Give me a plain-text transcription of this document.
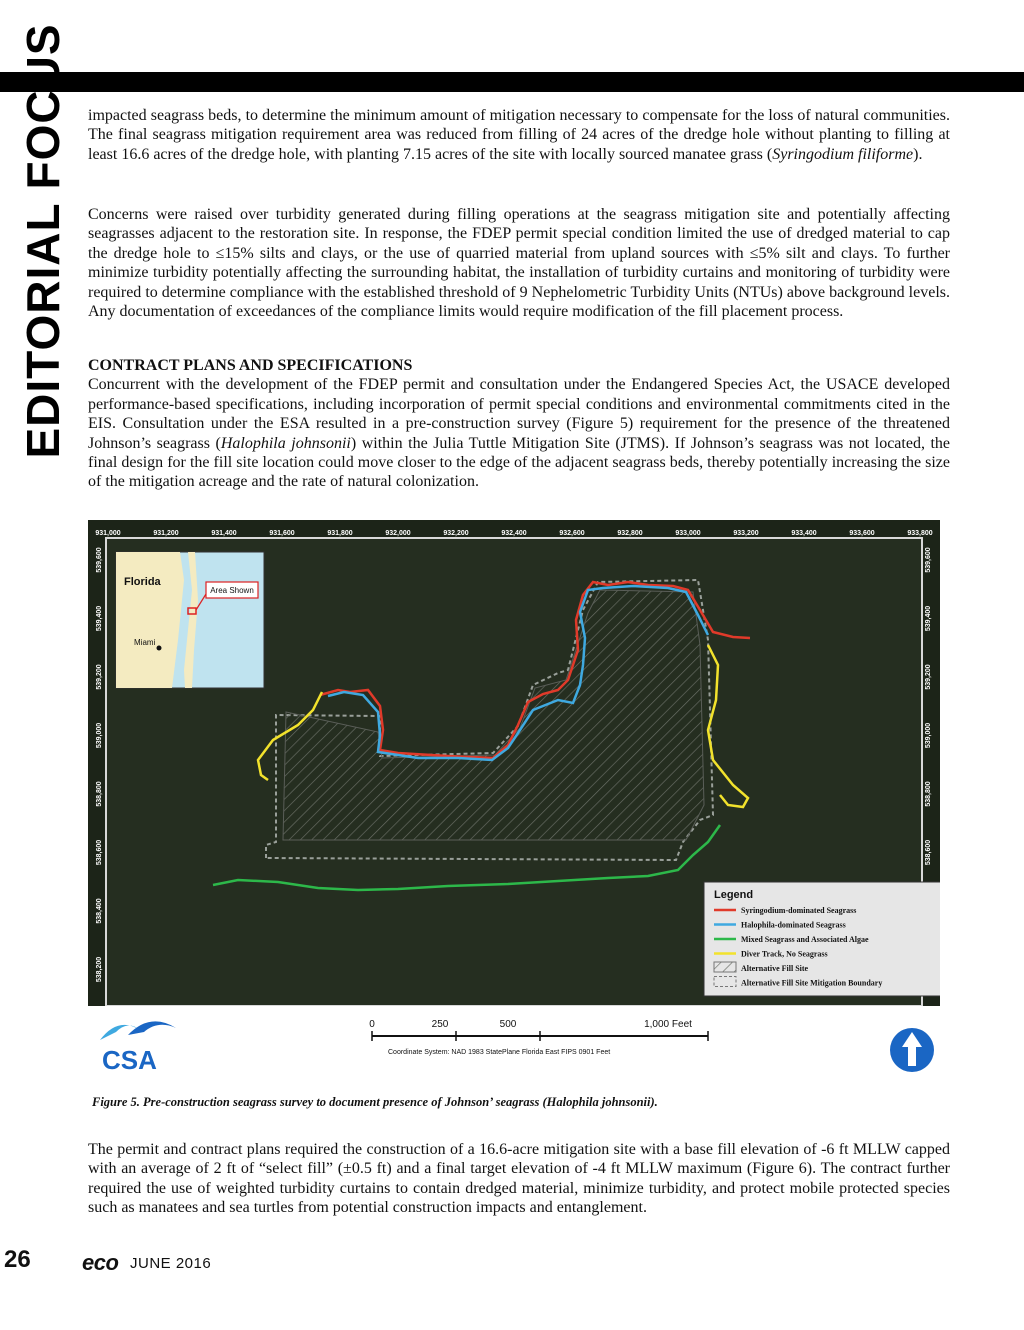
EDITORIAL FOCUS impacted seagrass beds, to determine the minimum amount of mitigation necessary to compensate for the loss of natural communities. The final seagrass mitigation requirement area was reduced from filling of 24 acres of the dredge hole without planting to filling at least 16.6 acres of the dredge hole, with planting 7.15 acres of the site with locally sourced manatee grass (Syringodium filiforme).

Concerns were raised over turbidity generated during filling operations at the seagrass mitigation site and potentially affecting seagrasses adjacent to the restoration site. In response, the FDEP permit special condition limited the use of dredged material to cap the dredge hole to ≤15% silts and clays, or the use of quarried material from upland sources with ≤5% silt and clays. To further minimize turbidity potentially affecting the surrounding habitat, the installation of turbidity curtains and monitoring of turbidity were required to determine compliance with the established threshold of 9 Nephelometric Turbidity Units (NTUs) above background levels. Any documentation of exceedances of the compliance limits would require modification of the fill placement process.

CONTRACT PLANS AND SPECIFICATIONS

Concurrent with the development of the FDEP permit and consultation under the Endangered Species Act, the USACE developed performance-based specifications, including incorporation of permit special conditions and environmental commitments cited in the EIS. Consultation under the ESA resulted in a pre-construction survey (Figure 5) requirement for the presence of the threatened Johnson’s seagrass (Halophila johnsonii) within the Julia Tuttle Mitigation Site (JTMS). If Johnson’s seagrass was not located, the final design for the fill site location could move closer to the edge of the adjacent seagrass beds, thereby potentially increasing the size of the mitigation acreage and the rate of natural colonization.

931,000	931,200	931,400	931,600	931,800	932,000	932,200	932,400	932,600	932,800	933,000	933,200	933,400	933,600	933,800
539,600
539,400
539,200
539,000
538,800
538,600
538,400
538,200
539,600
539,400
539,200
539,000
538,800
538,600
Area Shown
Florida
Miami
Legend
Syringodium-dominated Seagrass
Halophila-dominated Seagrass
Mixed Seagrass and Associated Algae
Diver Track, No Seagrass
Alternative Fill Site
Alternative Fill Site Mitigation Boundary
CSA
0	250	500	1,000 Feet
Coordinate System: NAD 1983 StatePlane Florida East FIPS 0901 Feet
Figure 5. Pre-construction seagrass survey to document presence of Johnson’ seagrass (Halophila johnsonii).

The permit and contract plans required the construction of a 16.6-acre mitigation site with a base fill elevation of -6 ft MLLW capped with an average of 2 ft of “select fill” (±0.5 ft) and a final target elevation of -4 ft MLLW maximum (Figure 6). The contract further required the use of weighted turbidity curtains to contain dredged material, minimize turbidity, and protect mobile protected species such as manatees and sea turtles from potential construction impacts and entanglement.

26 eco JUNE 2016
